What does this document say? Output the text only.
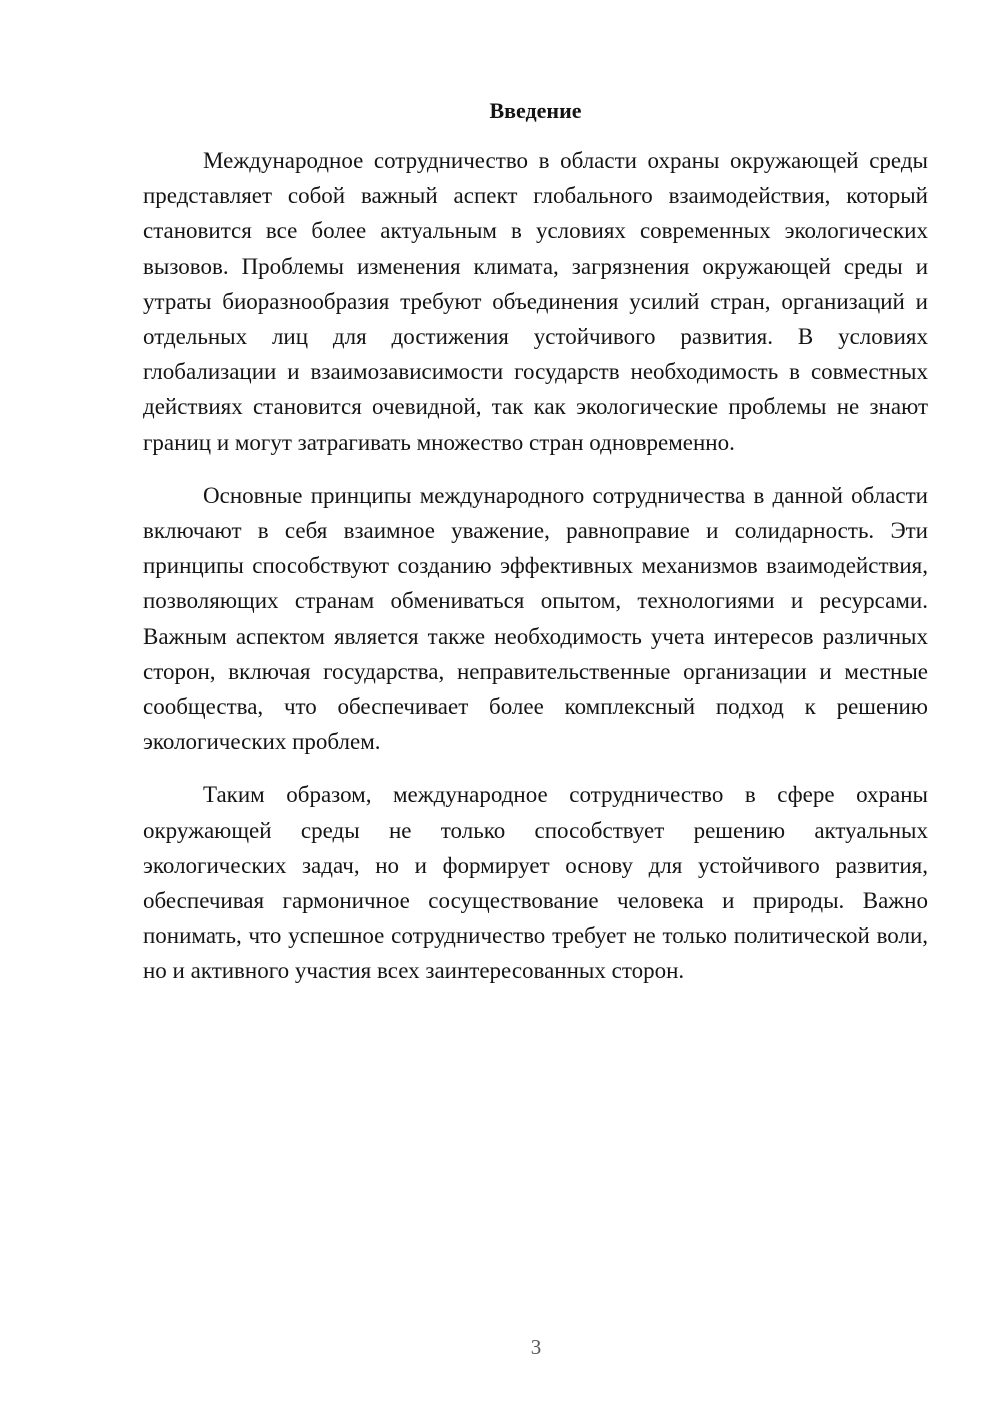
Введение

Международное сотрудничество в области охраны окружающей среды представляет собой важный аспект глобального взаимодействия, который становится все более актуальным в условиях современных экологических вызовов. Проблемы изменения климата, загрязнения окружающей среды и утраты биоразнообразия требуют объединения усилий стран, организаций и отдельных лиц для достижения устойчивого развития. В условиях глобализации и взаимозависимости государств необходимость в совместных действиях становится очевидной, так как экологические проблемы не знают границ и могут затрагивать множество стран одновременно.

Основные принципы международного сотрудничества в данной области включают в себя взаимное уважение, равноправие и солидарность. Эти принципы способствуют созданию эффективных механизмов взаимодействия, позволяющих странам обмениваться опытом, технологиями и ресурсами. Важным аспектом является также необходимость учета интересов различных сторон, включая государства, неправительственные организации и местные сообщества, что обеспечивает более комплексный подход к решению экологических проблем.

Таким образом, международное сотрудничество в сфере охраны окружающей среды не только способствует решению актуальных экологических задач, но и формирует основу для устойчивого развития, обеспечивая гармоничное сосуществование человека и природы. Важно понимать, что успешное сотрудничество требует не только политической воли, но и активного участия всех заинтересованных сторон.

3
